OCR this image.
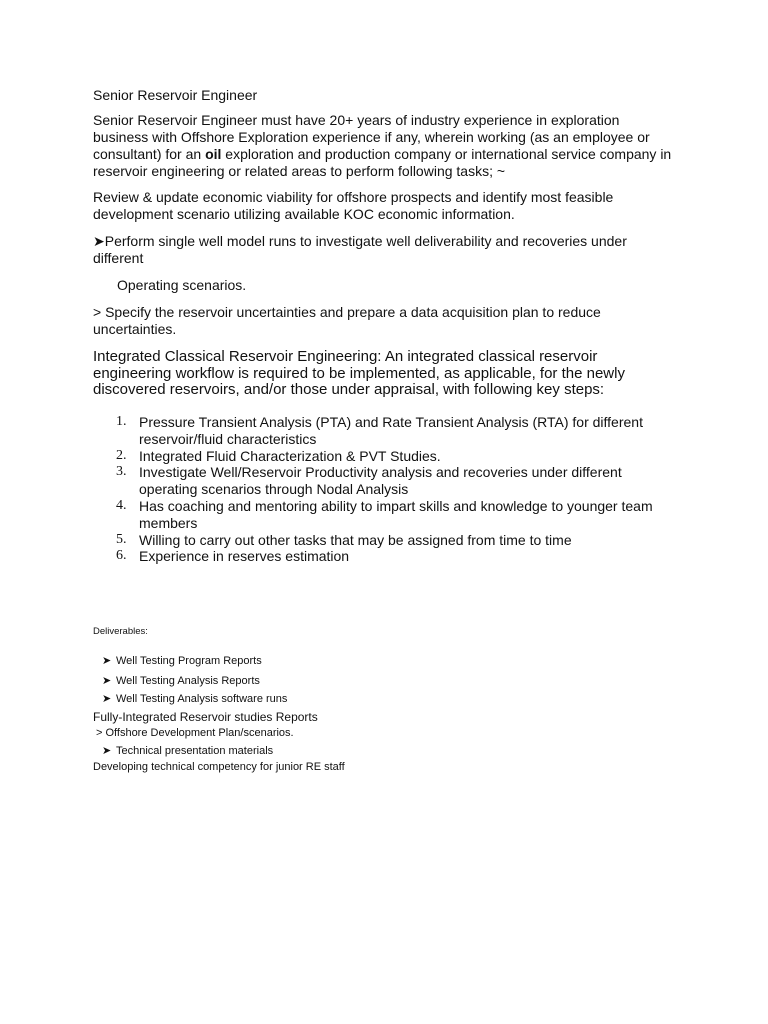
Senior Reservoir Engineer

Senior Reservoir Engineer must have 20+ years of industry experience in exploration business with Offshore Exploration experience if any, wherein working (as an employee or consultant) for an oil exploration and production company or international service company in reservoir engineering or related areas to perform following tasks; ~

Review & update economic viability for offshore prospects and identify most feasible development scenario utilizing available KOC economic information.

➤Perform single well model runs to investigate well deliverability and recoveries under different

Operating scenarios.

> Specify the reservoir uncertainties and prepare a data acquisition plan to reduce uncertainties.

Integrated Classical Reservoir Engineering: An integrated classical reservoir engineering workflow is required to be implemented, as applicable, for the newly discovered reservoirs, and/or those under appraisal, with following key steps:

1. Pressure Transient Analysis (PTA) and Rate Transient Analysis (RTA) for different reservoir/fluid characteristics
2. Integrated Fluid Characterization & PVT Studies.
3. Investigate Well/Reservoir Productivity analysis and recoveries under different operating scenarios through Nodal Analysis
4. Has coaching and mentoring ability to impart skills and knowledge to younger team members
5. Willing to carry out other tasks that may be assigned from time to time
6. Experience in reserves estimation
Deliverables:
➤ Well Testing Program Reports
➤ Well Testing Analysis Reports
➤ Well Testing Analysis software runs
Fully-Integrated Reservoir studies Reports
> Offshore Development Plan/scenarios.
➤ Technical presentation materials
Developing technical competency for junior RE staff
